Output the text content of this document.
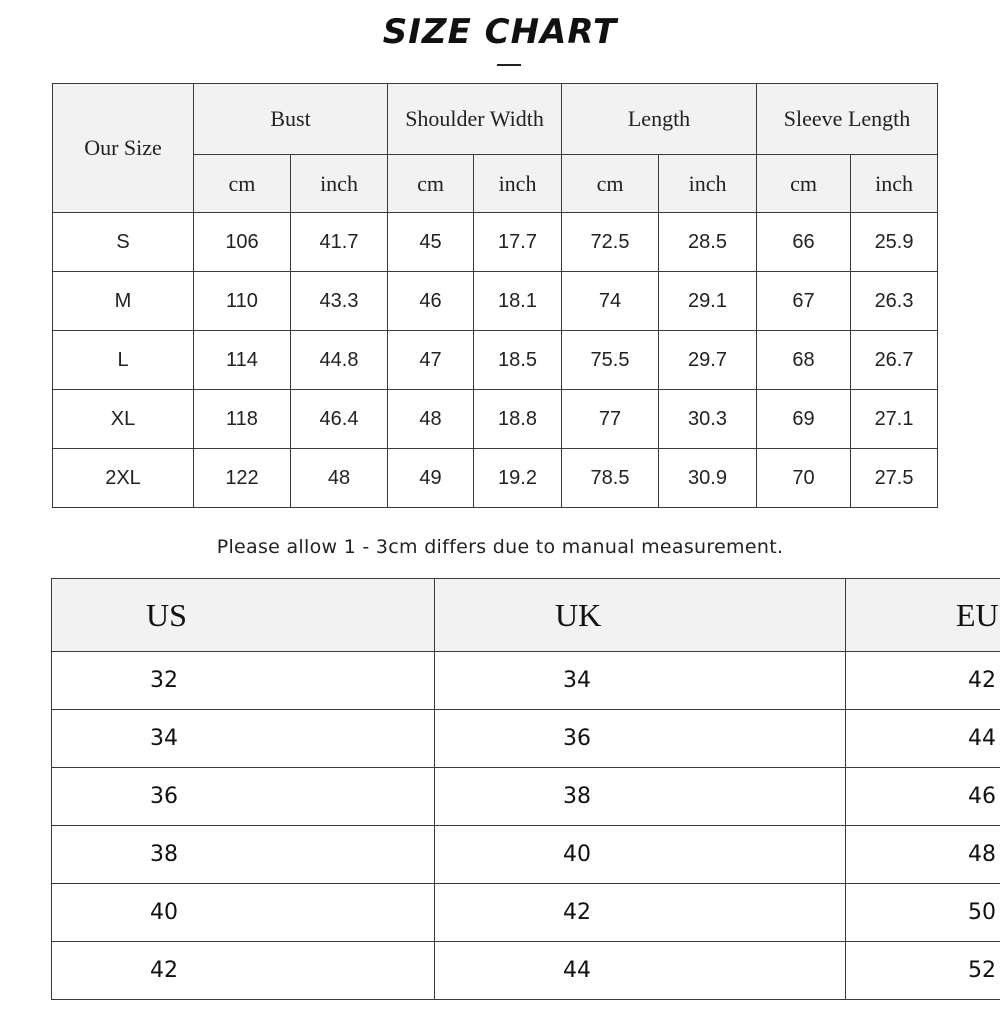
SIZE CHART
Our Size	Bust		Shoulder Width		Length		Sleeve Length	
	cm	inch	cm	inch	cm	inch	cm	inch
S	106	41.7	45	17.7	72.5	28.5	66	25.9
M	110	43.3	46	18.1	74	29.1	67	26.3
L	114	44.8	47	18.5	75.5	29.7	68	26.7
XL	118	46.4	48	18.8	77	30.3	69	27.1
2XL	122	48	49	19.2	78.5	30.9	70	27.5
Please allow 1 - 3cm differs due to manual measurement.
US	UK	EU
32	34	42
34	36	44
36	38	46
38	40	48
40	42	50
42	44	52
